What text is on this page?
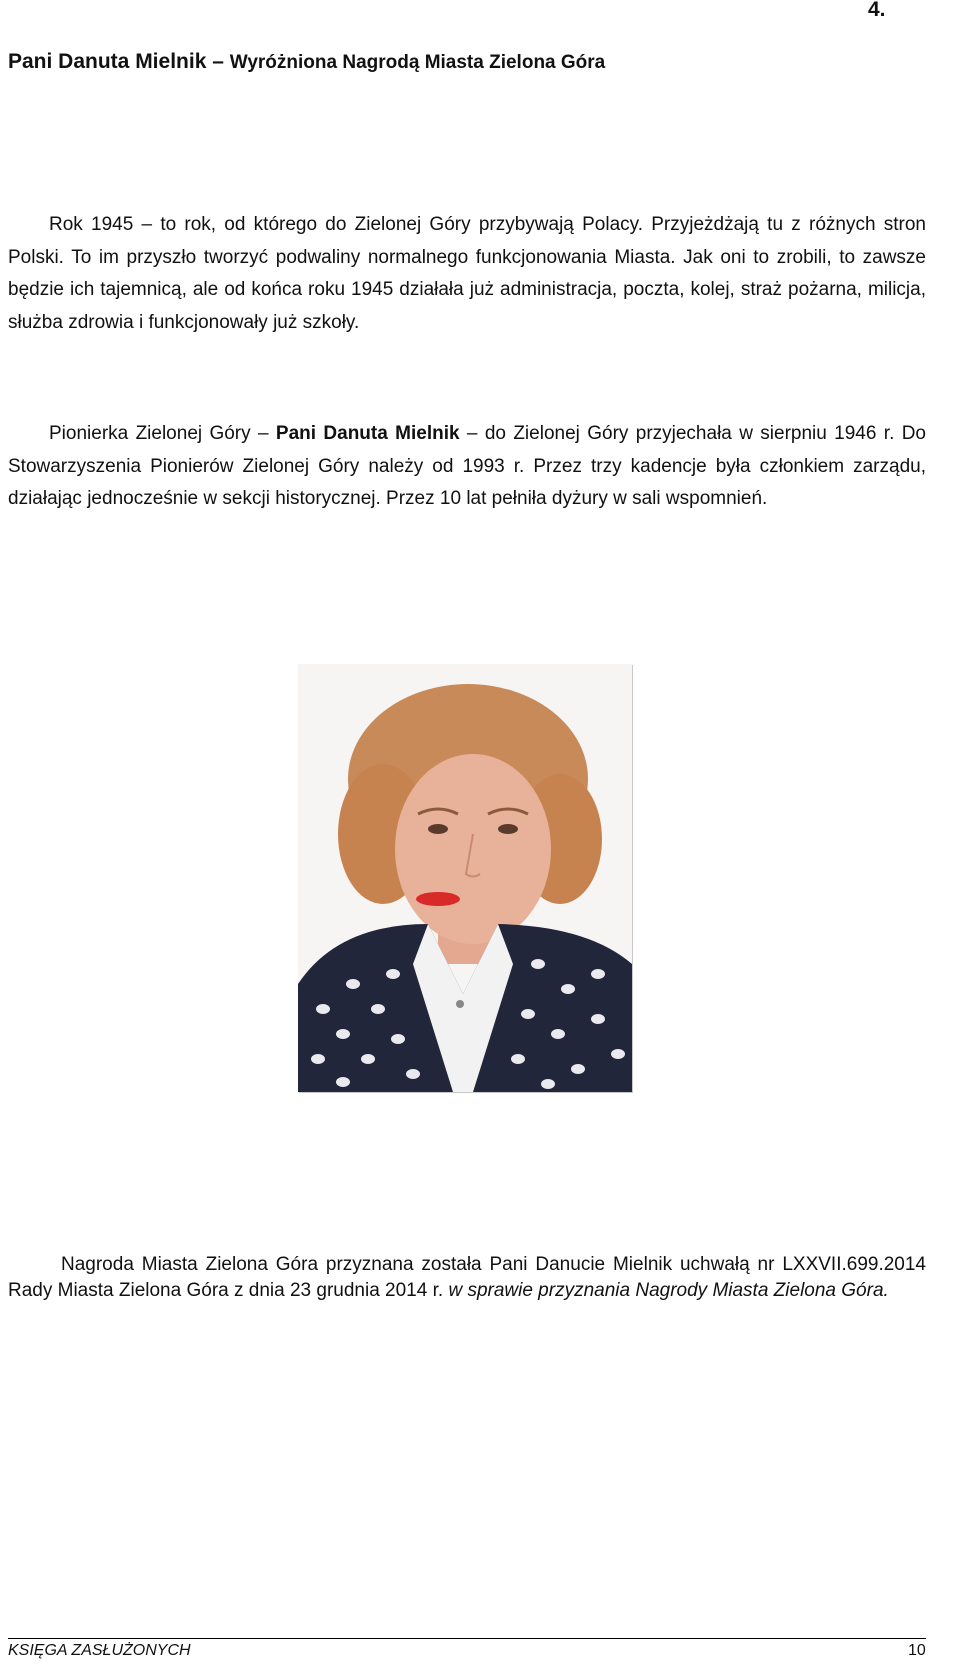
4.

Pani Danuta Mielnik – Wyróżniona Nagrodą Miasta Zielona Góra

Rok 1945 – to rok, od którego do Zielonej Góry przybywają Polacy. Przyjeżdżają tu z różnych stron Polski. To im przyszło tworzyć podwaliny normalnego funkcjonowania Miasta. Jak oni to zrobili, to zawsze będzie ich tajemnicą, ale od końca roku 1945 działała już administracja, poczta, kolej, straż pożarna, milicja, służba zdrowia i funkcjonowały już szkoły.

Pionierka Zielonej Góry – Pani Danuta Mielnik – do Zielonej Góry przyjechała w sierpniu 1946 r. Do Stowarzyszenia Pionierów Zielonej Góry należy od 1993 r. Przez trzy kadencje była członkiem zarządu, działając jednocześnie w sekcji historycznej. Przez 10 lat pełniła dyżury w sali wspomnień.

Nagroda Miasta Zielona Góra przyznana została Pani Danucie Mielnik uchwałą nr LXXVII.699.2014 Rady Miasta Zielona Góra z dnia 23 grudnia 2014 r. w sprawie przyznania Nagrody Miasta Zielona Góra.

KSIĘGA ZASŁUŻONYCH	10
